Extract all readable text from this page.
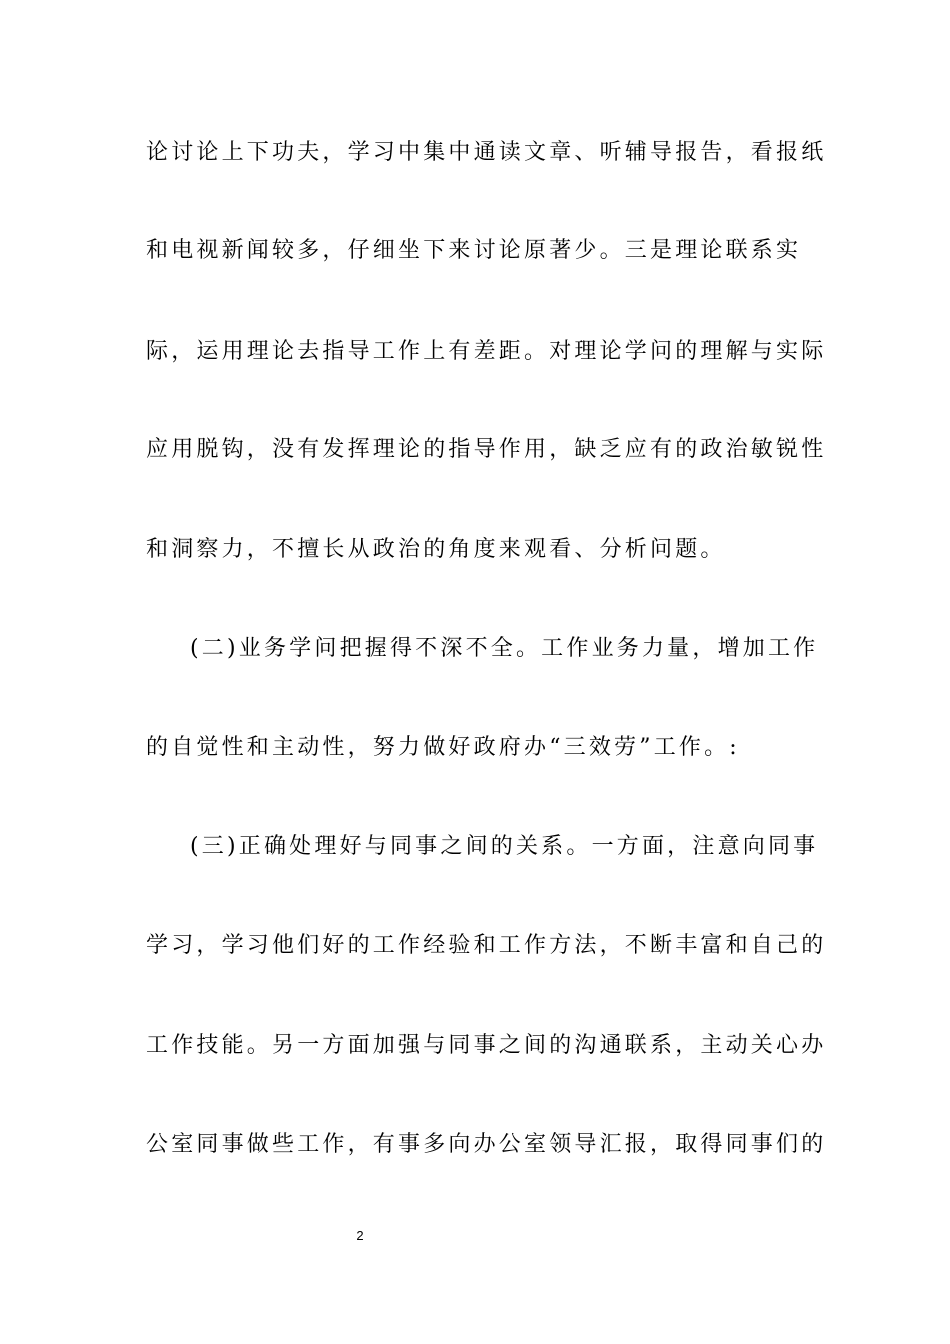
论讨论上下功夫，学习中集中通读文章、听辅导报告，看报纸
和电视新闻较多，仔细坐下来讨论原著少。三是理论联系实
际，运用理论去指导工作上有差距。对理论学问的理解与实际
应用脱钩，没有发挥理论的指导作用，缺乏应有的政治敏锐性
和洞察力，不擅长从政治的角度来观看、分析问题。
(二)业务学问把握得不深不全。工作业务力量，增加工作
的自觉性和主动性，努力做好政府办“三效劳”工作。:
(三)正确处理好与同事之间的关系。一方面，注意向同事
学习，学习他们好的工作经验和工作方法，不断丰富和自己的
工作技能。另一方面加强与同事之间的沟通联系，主动关心办
公室同事做些工作，有事多向办公室领导汇报，取得同事们的
2
